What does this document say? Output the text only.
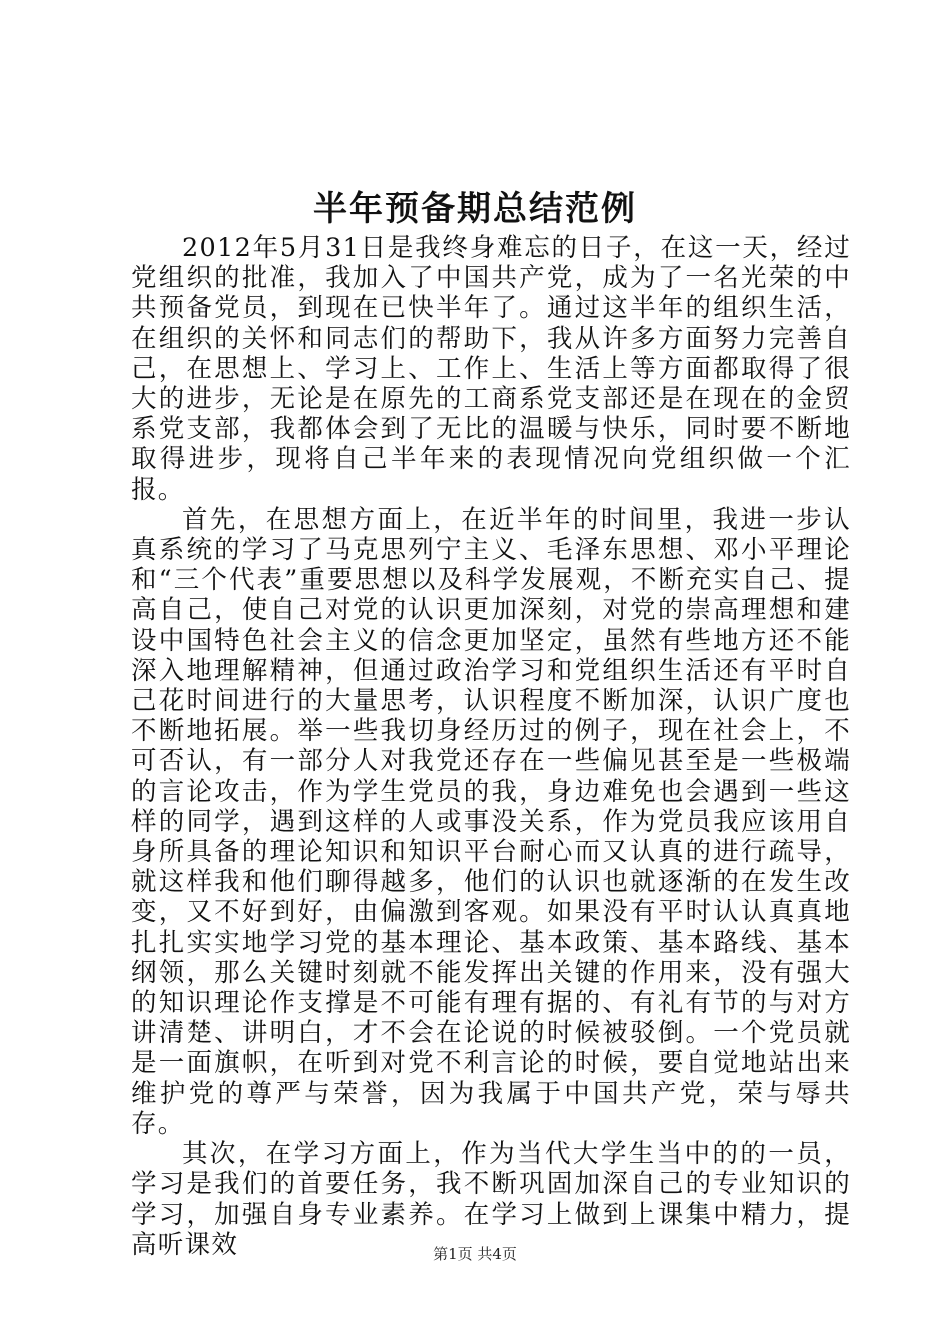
半年预备期总结范例

2012年5月31日是我终身难忘的日子，在这一天，经过党组织的批准，我加入了中国共产党，成为了一名光荣的中共预备党员，到现在已快半年了。通过这半年的组织生活，在组织的关怀和同志们的帮助下，我从许多方面努力完善自己，在思想上、学习上、工作上、生活上等方面都取得了很大的进步，无论是在原先的工商系党支部还是在现在的金贸系党支部，我都体会到了无比的温暖与快乐，同时要不断地取得进步，现将自己半年来的表现情况向党组织做一个汇报。

首先，在思想方面上，在近半年的时间里，我进一步认真系统的学习了马克思列宁主义、毛泽东思想、邓小平理论和“三个代表”重要思想以及科学发展观，不断充实自己、提高自己，使自己对党的认识更加深刻，对党的崇高理想和建设中国特色社会主义的信念更加坚定，虽然有些地方还不能深入地理解精神，但通过政治学习和党组织生活还有平时自己花时间进行的大量思考，认识程度不断加深，认识广度也不断地拓展。举一些我切身经历过的例子，现在社会上，不可否认，有一部分人对我党还存在一些偏见甚至是一些极端的言论攻击，作为学生党员的我，身边难免也会遇到一些这样的同学，遇到这样的人或事没关系，作为党员我应该用自身所具备的理论知识和知识平台耐心而又认真的进行疏导，就这样我和他们聊得越多，他们的认识也就逐渐的在发生改变，又不好到好，由偏激到客观。如果没有平时认认真真地扎扎实实地学习党的基本理论、基本政策、基本路线、基本纲领，那么关键时刻就不能发挥出关键的作用来，没有强大的知识理论作支撑是不可能有理有据的、有礼有节的与对方讲清楚、讲明白，才不会在论说的时候被驳倒。一个党员就是一面旗帜，在听到对党不利言论的时候，要自觉地站出来维护党的尊严与荣誉，因为我属于中国共产党，荣与辱共存。

其次，在学习方面上，作为当代大学生当中的的一员，学习是我们的首要任务，我不断巩固加深自己的专业知识的学习，加强自身专业素养。在学习上做到上课集中精力，提高听课效	第1页 共4页
